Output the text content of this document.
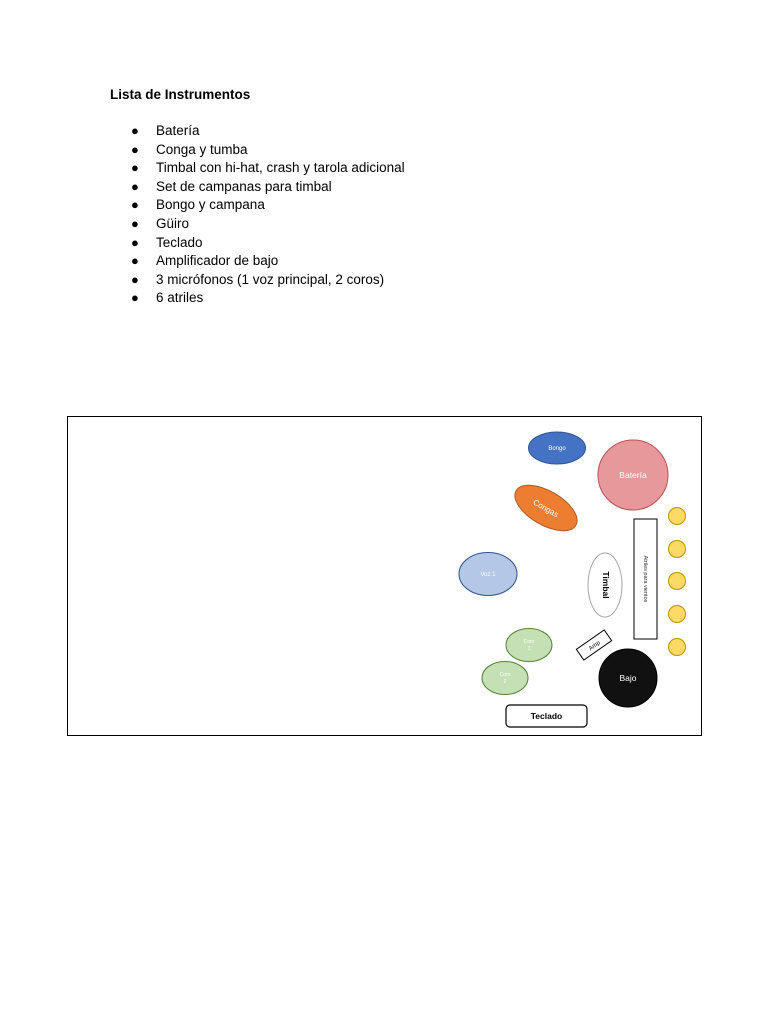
Lista de Instrumentos
● Batería
● Conga y tumba
● Timbal con hi-hat, crash y tarola adicional
● Set de campanas para timbal
● Bongo y campana
● Güiro
● Teclado
● Amplificador de bajo
● 3 micrófonos (1 voz principal, 2 coros)
● 6 atriles
Bongo
Batería
Congas
Voz 1	Timbal	Atriles para vientos
Coro
1
Coro
2
Amp
Bajo
Teclado
